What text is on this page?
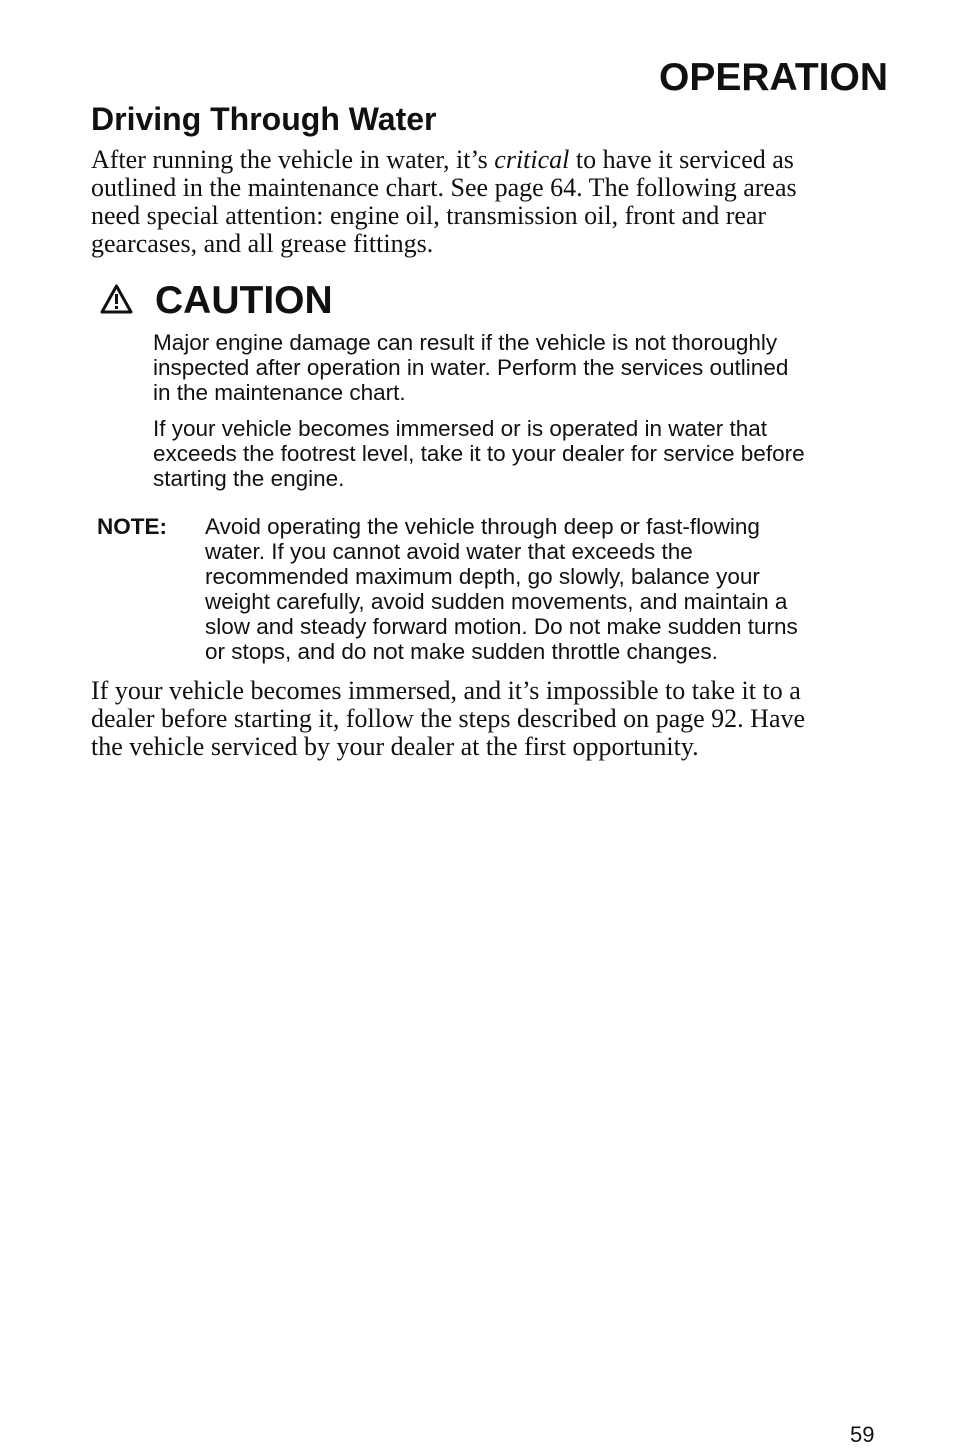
OPERATION
Driving Through Water
After running the vehicle in water, it’s critical to have it serviced as
outlined in the maintenance chart. See page 64. The following areas
need special attention: engine oil, transmission oil, front and rear
gearcases, and all grease fittings.
CAUTION
Major engine damage can result if the vehicle is not thoroughly
inspected after operation in water. Perform the services outlined
in the maintenance chart.
If your vehicle becomes immersed or is operated in water that
exceeds the footrest level, take it to your dealer for service before
starting the engine.
NOTE: Avoid operating the vehicle through deep or fast-flowing
water. If you cannot avoid water that exceeds the
recommended maximum depth, go slowly, balance your
weight carefully, avoid sudden movements, and maintain a
slow and steady forward motion. Do not make sudden turns
or stops, and do not make sudden throttle changes.
If your vehicle becomes immersed, and it’s impossible to take it to a
dealer before starting it, follow the steps described on page 92. Have
the vehicle serviced by your dealer at the first opportunity.
59
